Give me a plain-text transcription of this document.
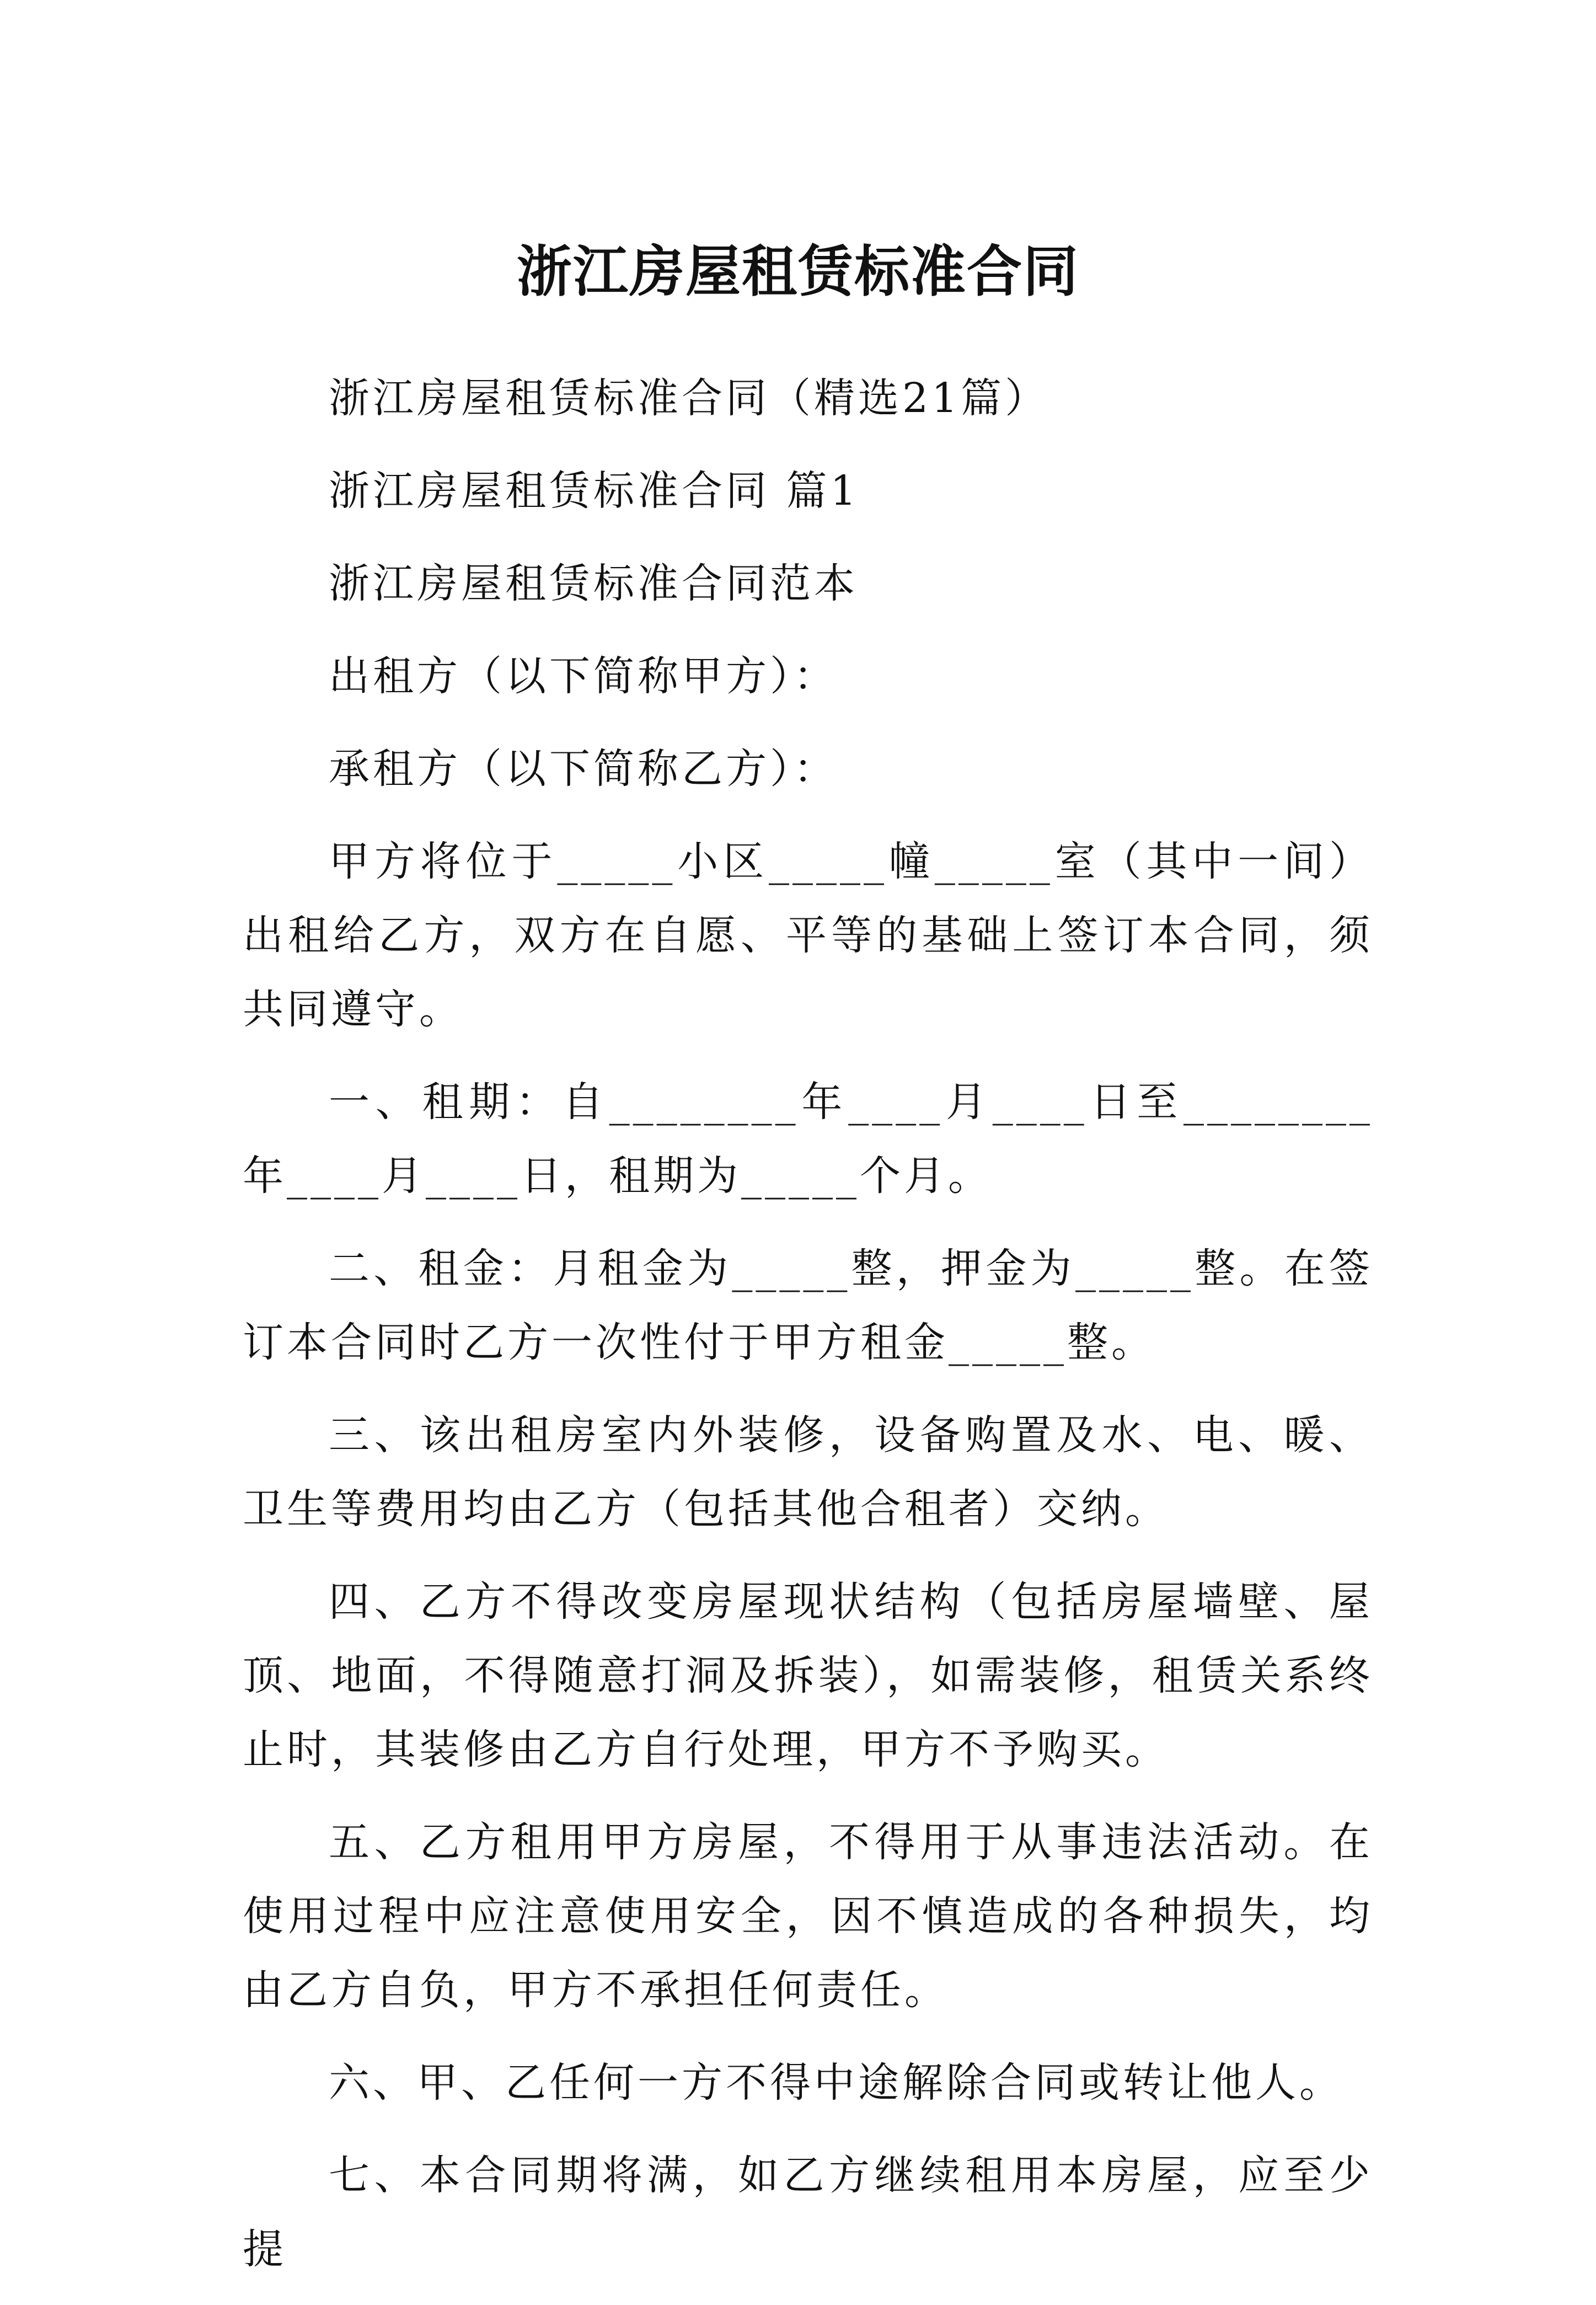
浙江房屋租赁标准合同

浙江房屋租赁标准合同（精选21篇）

浙江房屋租赁标准合同 篇1

浙江房屋租赁标准合同范本

出租方（以下简称甲方）：

承租方（以下简称乙方）：

甲方将位于_____小区_____幢_____室（其中一间）出租给乙方，双方在自愿、平等的基础上签订本合同，须共同遵守。

一、租期：自________年____月____日至________年____月____日，租期为_____个月。

二、租金：月租金为_____整，押金为_____整。在签订本合同时乙方一次性付于甲方租金_____整。

三、该出租房室内外装修，设备购置及水、电、暖、卫生等费用均由乙方（包括其他合租者）交纳。

四、乙方不得改变房屋现状结构（包括房屋墙壁、屋顶、地面，不得随意打洞及拆装），如需装修，租赁关系终止时，其装修由乙方自行处理，甲方不予购买。

五、乙方租用甲方房屋，不得用于从事违法活动。在使用过程中应注意使用安全，因不慎造成的各种损失，均由乙方自负，甲方不承担任何责任。

六、甲、乙任何一方不得中途解除合同或转让他人。

七、本合同期将满，如乙方继续租用本房屋，应至少提
